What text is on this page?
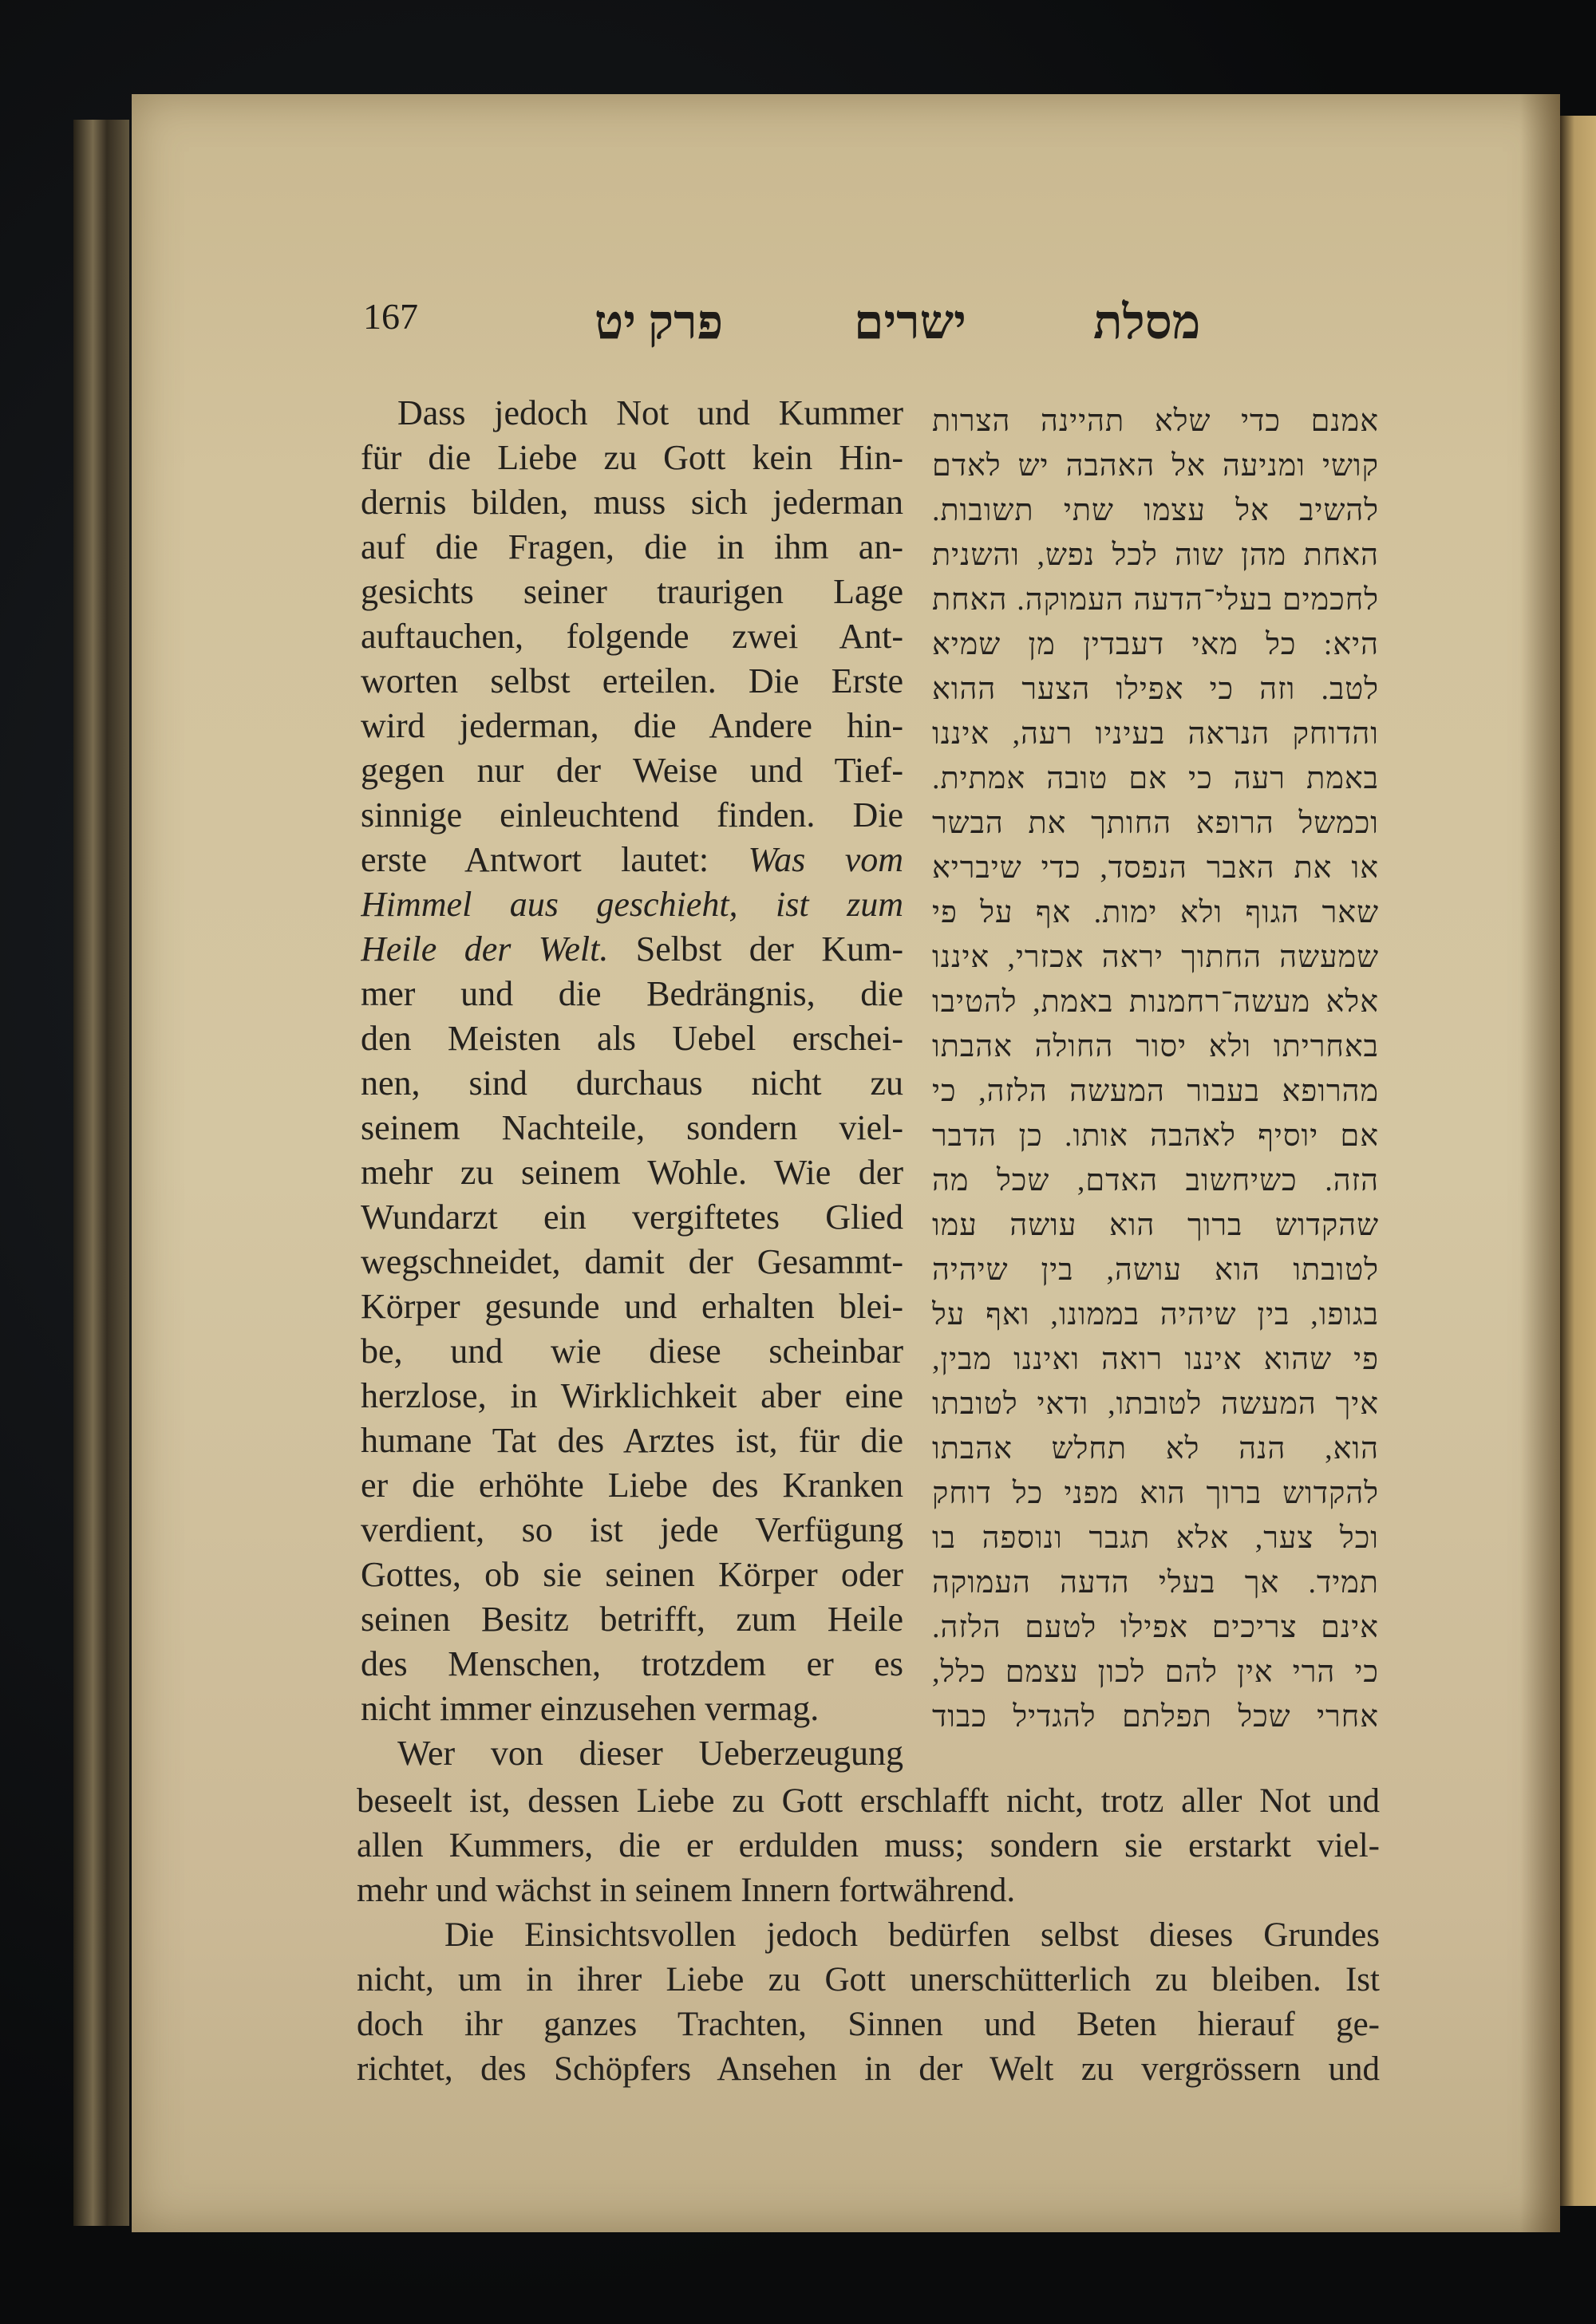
167	פרק יט	ישרים	מסלת
Dass jedoch Not und Kummer
für die Liebe zu Gott kein Hin-
dernis bilden, muss sich jederman
auf die Fragen, die in ihm an-
gesichts seiner traurigen Lage
auftauchen, folgende zwei Ant-
worten selbst erteilen. Die Erste
wird jederman, die Andere hin-
gegen nur der Weise und Tief-
sinnige einleuchtend finden. Die
erste Antwort lautet: Was vom
Himmel aus geschieht, ist zum
Heile der Welt. Selbst der Kum-
mer und die Bedrängnis, die
den Meisten als Uebel erschei-
nen, sind durchaus nicht zu
seinem Nachteile, sondern viel-
mehr zu seinem Wohle. Wie der
Wundarzt ein vergiftetes Glied
wegschneidet, damit der Gesammt-
Körper gesunde und erhalten blei-
be, und wie diese scheinbar
herzlose, in Wirklichkeit aber eine
humane Tat des Arztes ist, für die
er die erhöhte Liebe des Kranken
verdient, so ist jede Verfügung
Gottes, ob sie seinen Körper oder
seinen Besitz betrifft, zum Heile
des Menschen, trotzdem er es
nicht immer einzusehen vermag.
Wer von dieser Ueberzeugung
אמנם כדי שלא תהיינה הצרות
קושי ומניעה אל האהבה יש לאדם
להשיב אל עצמו שתי תשובות.
האחת מהן שוה לכל נפש, והשנית
לחכמים בעלי־הדעה העמוקה. האחת
היא: כל מאי דעבדין מן שמיא
לטב. וזה כי אפילו הצער ההוא
והדוחק הנראה בעיניו רעה, איננו
באמת רעה כי אם טובה אמתית.
וכמשל הרופא החותך את הבשר
או את האבר הנפסד, כדי שיבריא
שאר הגוף ולא ימות. אף על פי
שמעשה החתוך יראה אכזרי, איננו
אלא מעשה־רחמנות באמת, להטיבו
באחריתו ולא יסור החולה אהבתו
מהרופא בעבור המעשה הלזה, כי
אם יוסיף לאהבה אותו. כן הדבר
הזה. כשיחשוב האדם, שכל מה
שהקדוש ברוך הוא עושה עמו
לטובתו הוא עושה, בין שיהיה
בגופו, בין שיהיה בממונו, ואף על
פי שהוא איננו רואה ואיננו מבין,
איך המעשה לטובתו, ודאי לטובתו
הוא, הנה לא תחלש אהבתו
להקדוש ברוך הוא מפני כל דוחק
וכל צער, אלא תגבר ונוספה בו
תמיד. אך בעלי הדעה העמוקה
אינם צריכים אפילו לטעם הלזה.
כי הרי אין להם לכון עצמם כלל,
אחרי שכל תפלתם להגדיל כבוד
beseelt ist, dessen Liebe zu Gott erschlafft nicht, trotz aller Not und
allen Kummers, die er erdulden muss; sondern sie erstarkt viel-
mehr und wächst in seinem Innern fortwährend.
Die Einsichtsvollen jedoch bedürfen selbst dieses Grundes
nicht, um in ihrer Liebe zu Gott unerschütterlich zu bleiben. Ist
doch ihr ganzes Trachten, Sinnen und Beten hierauf ge-
richtet, des Schöpfers Ansehen in der Welt zu vergrössern und
